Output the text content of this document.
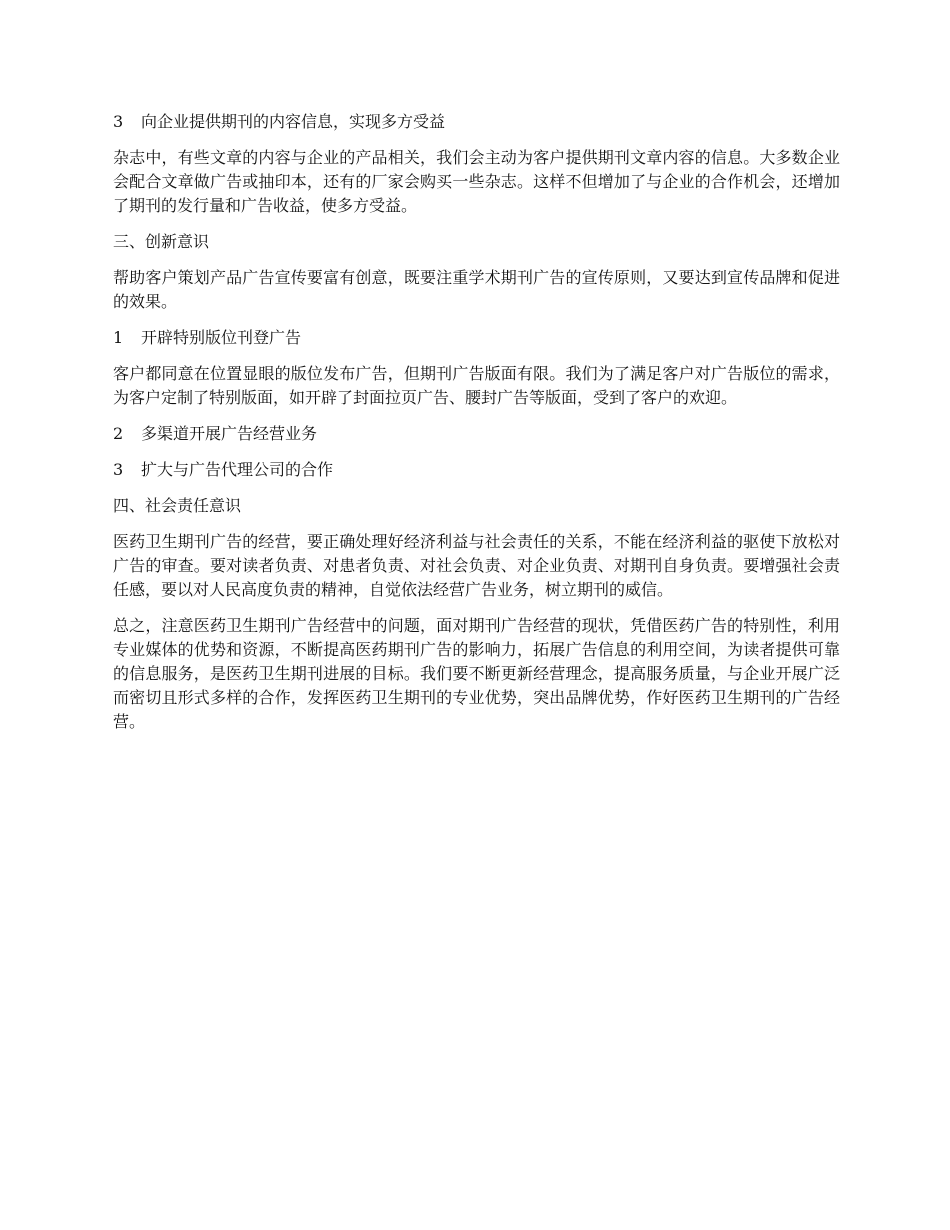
3 向企业提供期刊的内容信息，实现多方受益

杂志中，有些文章的内容与企业的产品相关，我们会主动为客户提供期刊文章内容的信息。大多数企业会配合文章做广告或抽印本，还有的厂家会购买一些杂志。这样不但增加了与企业的合作机会，还增加了期刊的发行量和广告收益，使多方受益。

三、创新意识

帮助客户策划产品广告宣传要富有创意，既要注重学术期刊广告的宣传原则，又要达到宣传品牌和促进的效果。

1 开辟特别版位刊登广告

客户都同意在位置显眼的版位发布广告，但期刊广告版面有限。我们为了满足客户对广告版位的需求，为客户定制了特别版面，如开辟了封面拉页广告、腰封广告等版面，受到了客户的欢迎。

2 多渠道开展广告经营业务
3 扩大与广告代理公司的合作
四、社会责任意识

医药卫生期刊广告的经营，要正确处理好经济利益与社会责任的关系，不能在经济利益的驱使下放松对广告的审查。要对读者负责、对患者负责、对社会负责、对企业负责、对期刊自身负责。要增强社会责任感，要以对人民高度负责的精神，自觉依法经营广告业务，树立期刊的威信。

总之，注意医药卫生期刊广告经营中的问题，面对期刊广告经营的现状，凭借医药广告的特别性，利用专业媒体的优势和资源，不断提高医药期刊广告的影响力，拓展广告信息的利用空间，为读者提供可靠的信息服务，是医药卫生期刊进展的目标。我们要不断更新经营理念，提高服务质量，与企业开展广泛而密切且形式多样的合作，发挥医药卫生期刊的专业优势，突出品牌优势，作好医药卫生期刊的广告经营。
